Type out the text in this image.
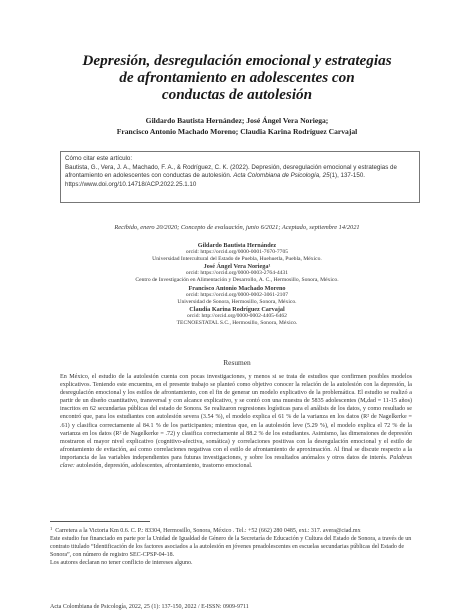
Depresión, desregulación emocional y estrategias
de afrontamiento en adolescentes con
conductas de autolesión
Gildardo Bautista Hernández; José Ángel Vera Noriega;
Francisco Antonio Machado Moreno; Claudia Karina Rodríguez Carvajal
Cómo citar este artículo:
Bautista, G., Vera, J. A., Machado, F. A., & Rodríguez, C. K. (2022). Depresión, desregulación emocional y estrategias de afrontamiento en adolescentes con conductas de autolesión. Acta Colombiana de Psicología, 25(1), 137-150. https://www.doi.org/10.14718/ACP.2022.25.1.10
Recibido, enero 20/2020; Concepto de evaluación, junio 6/2021; Aceptado, septiembre 14/2021
Gildardo Bautista Hernández
orcid: https://orcid.org/0000-0001-7670-7705
Universidad Intercultural del Estado de Puebla, Huehuetla, Puebla, México.
José Ángel Vera Noriega¹
orcid: https://orcid.org/0000-0003-2764-4431
Centro de Investigación en Alimentación y Desarrollo, A. C., Hermosillo, Sonora, México.
Francisco Antonio Machado Moreno
orcid: https://orcid.org/0000-0002-3061-2107
Universidad de Sonora, Hermosillo, Sonora, México.
Claudia Karina Rodríguez Carvajal
orcid: http://orcid.org/0000-0002-4405-6462
TECNOESTATAL S.C., Hermosillo, Sonora, México.
Resumen
En México, el estudio de la autolesión cuenta con pocas investigaciones, y menos si se trata de estudios que confirmen posibles modelos explicativos. Teniendo este encuentra, en el presente trabajo se planteó como objetivo conocer la relación de la autolesión con la depresión, la desregulación emocional y los estilos de afrontamiento, con el fin de generar un modelo explicativo de la problemática. El estudio se realizó a partir de un diseño cuantitativo, transversal y con alcance explicativo, y se contó con una muestra de 5835 adolescentes (Mₑdad = 11-15 años) inscritos en 62 secundarias públicas del estado de Sonora. Se realizaron regresiones logísticas para el análisis de los datos, y como resultado se encontró que, para los estudiantes con autolesión severa (3.54 %), el modelo explica el 61 % de la varianza en los datos (R² de Nagelkerke = .61) y clasifica correctamente al 84.1 % de los participantes; mientras que, en la autolesión leve (5.29 %), el modelo explica el 72 % de la varianza en los datos (R² de Nagelkerke = .72) y clasifica correctamente al 88.2 % de los estudiantes. Asimismo, las dimensiones de depresión mostraron el mayor nivel explicativo (cognitivo-afectiva, somática) y correlaciones positivas con la desregulación emocional y el estilo de afrontamiento de evitación, así como correlaciones negativas con el estilo de afrontamiento de aproximación. Al final se discute respecto a la importancia de las variables independientes para futuras investigaciones, y sobre los resultados anómalos y otros datos de interés. Palabras clave: autolesión, depresión, adolescentes, afrontamiento, trastorno emocional.
$^1$ Carretera a la Victoria Km 0.6. C. P.: 83304, Hermosillo, Sonora, México . Tel.: +52 (662) 280 0485, ext.: 317. avera@ciad.mx
Este estudio fue financiado en parte por la Unidad de Igualdad de Género de la Secretaría de Educación y Cultura del Estado de Sonora, a través de un contrato titulado “Identificación de los factores asociados a la autolesión en jóvenes preadolescentes en escuelas secundarias públicas del Estado de Sonora”, con número de registro SEC-CPSP-04-18.
Los autores declaran no tener conflicto de intereses alguno.
Acta Colombiana de Psicología, 2022, 25 (1): 137-150, 2022 / E-ISSN: 0909-9711
